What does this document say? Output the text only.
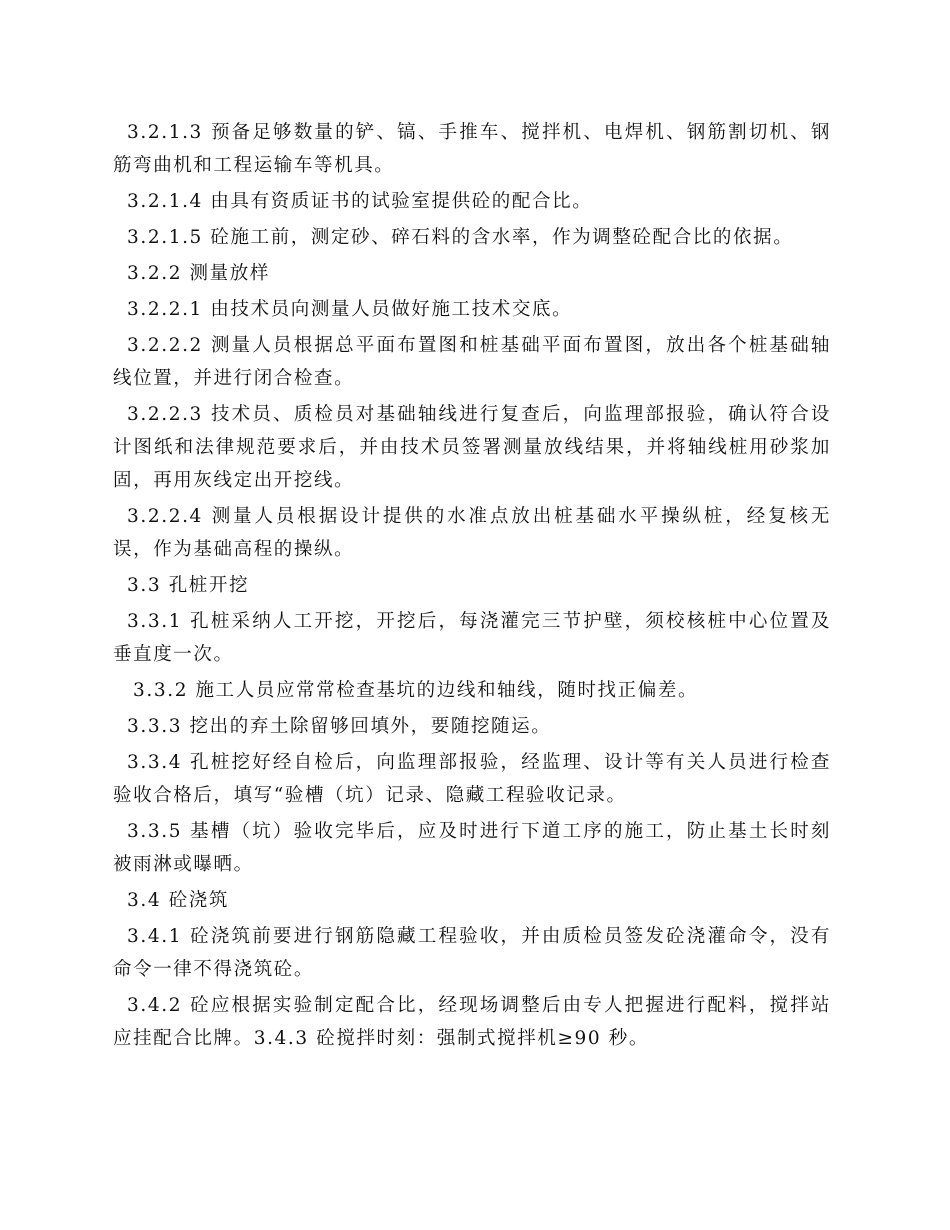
3.2.1.3 预备足够数量的铲、镐、手推车、搅拌机、电焊机、钢筋割切机、钢筋弯曲机和工程运输车等机具。

3.2.1.4 由具有资质证书的试验室提供砼的配合比。

3.2.1.5 砼施工前，测定砂、碎石料的含水率，作为调整砼配合比的依据。

3.2.2 测量放样

3.2.2.1 由技术员向测量人员做好施工技术交底。

3.2.2.2 测量人员根据总平面布置图和桩基础平面布置图，放出各个桩基础轴线位置，并进行闭合检查。

3.2.2.3 技术员、质检员对基础轴线进行复查后，向监理部报验，确认符合设计图纸和法律规范要求后，并由技术员签署测量放线结果，并将轴线桩用砂浆加固，再用灰线定出开挖线。

3.2.2.4 测量人员根据设计提供的水准点放出桩基础水平操纵桩，经复核无误，作为基础高程的操纵。

3.3 孔桩开挖

3.3.1 孔桩采纳人工开挖，开挖后，每浇灌完三节护壁，须校核桩中心位置及垂直度一次。

3.3.2 施工人员应常常检查基坑的边线和轴线，随时找正偏差。

3.3.3 挖出的弃土除留够回填外，要随挖随运。

3.3.4 孔桩挖好经自检后，向监理部报验，经监理、设计等有关人员进行检查验收合格后，填写“验槽（坑）记录、隐藏工程验收记录。

3.3.5 基槽（坑）验收完毕后，应及时进行下道工序的施工，防止基土长时刻被雨淋或曝晒。

3.4 砼浇筑

3.4.1 砼浇筑前要进行钢筋隐藏工程验收，并由质检员签发砼浇灌命令，没有命令一律不得浇筑砼。

3.4.2 砼应根据实验制定配合比，经现场调整后由专人把握进行配料，搅拌站应挂配合比牌。3.4.3 砼搅拌时刻：强制式搅拌机≥90 秒。
